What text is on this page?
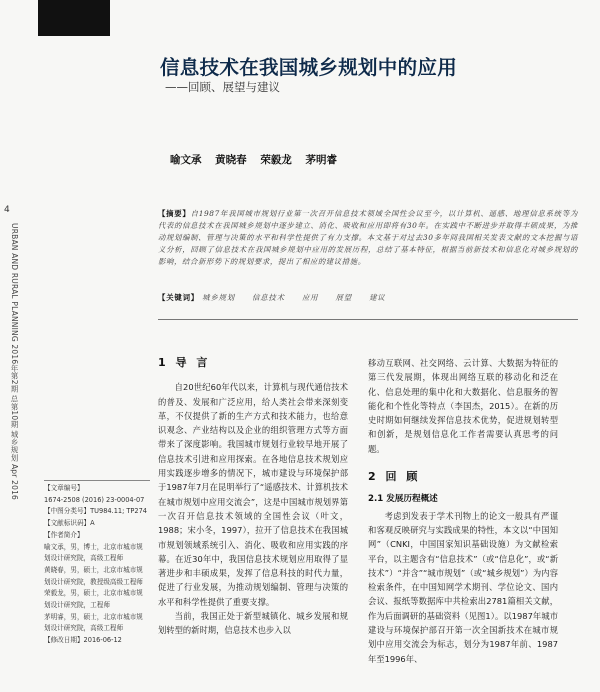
4
URBAN AND RURAL PLANNING 2016年第2期 总第10期 城乡规划 Apr 2016
信息技术在我国城乡规划中的应用
——回顾、展望与建议
喻文承 黄晓春 荣毅龙 茅明睿
【摘要】自1987年我国城市规划行业第一次召开信息技术领域全国性会议至今，以计算机、遥感、地理信息系统等为代表的信息技术在我国城乡规划中逐步建立、消化、吸收和应用即将有30年。在实践中不断进步并取得丰硕成果，为推动规划编制、管理与决策的水平和科学性提供了有力支撑。本文基于对过去30多年间我国相关发表文献的文本挖掘与语义分析，回顾了信息技术在我国城乡规划中应用的发展历程，总结了基本特征，根据当前新技术和信息化对城乡规划的影响，结合新形势下的规划要求，提出了相应的建议措施。
【关键词】 城乡规划 信息技术 应用 展望 建议
【文章编号】
1674-2508 (2016) 23-0004-07
【中图分类号】TU984.11; TP274
【文献标识码】A
【作者简介】
喻文承，男，博士，北京市城市规
划设计研究院，高级工程师
黄晓春，男，硕士，北京市城市规
划设计研究院，教授级高级工程师
荣毅龙，男，硕士，北京市城市规
划设计研究院，工程师
茅明睿，男，硕士，北京市城市规
划设计研究院，高级工程师
【修改日期】2016-06-12
1 导 言

自20世纪60年代以来，计算机与现代通信技术的普及、发展和广泛应用，给人类社会带来深刻变革，不仅提供了新的生产方式和技术能力，也给意识观念、产业结构以及企业的组织管理方式等方面带来了深度影响。我国城市规划行业较早地开展了信息技术引进和应用探索。在各地信息技术规划应用实践逐步增多的情况下，城市建设与环境保护部于1987年7月在昆明举行了“遥感技术、计算机技术在城市规划中应用交流会”，这是中国城市规划界第一次召开信息技术领域的全国性会议（叶文，1988；宋小冬，1997），拉开了信息技术在我国城市规划领域系统引入、消化、吸收和应用实践的序幕。在近30年中，我国信息技术规划应用取得了显著进步和丰硕成果，发挥了信息科技的时代力量，促进了行业发展，为推动规划编制、管理与决策的水平和科学性提供了重要支撑。

当前，我国正处于新型城镇化、城乡发展和规划转型的新时期，信息技术也步入以

移动互联网、社交网络、云计算、大数据为特征的第三代发展期，体现出网络互联的移动化和泛在化、信息处理的集中化和大数据化、信息服务的智能化和个性化等特点（李国杰，2015）。在新的历史时期如何继续发挥信息技术优势，促进规划转型和创新，是规划信息化工作者需要认真思考的问题。

2 回 顾
2.1 发展历程概述

考虑到发表于学术刊物上的论文一般具有严谨和客观反映研究与实践成果的特性，本文以“中国知网”（CNKI，中国国家知识基础设施）为文献检索平台，以主题含有“信息技术”（或“信息化”，或“新技术”）“并含”“城市规划”（或“城乡规划”）为内容检索条件，在中国知网学术期刊、学位论文、国内会议、报纸等数据库中共检索出2781篇相关文献，作为后面调研的基础资料（见图1）。以1987年城市建设与环境保护部召开第一次全国新技术在城市规划中应用交流会为标志，划分为1987年前、1987年至1996年、
